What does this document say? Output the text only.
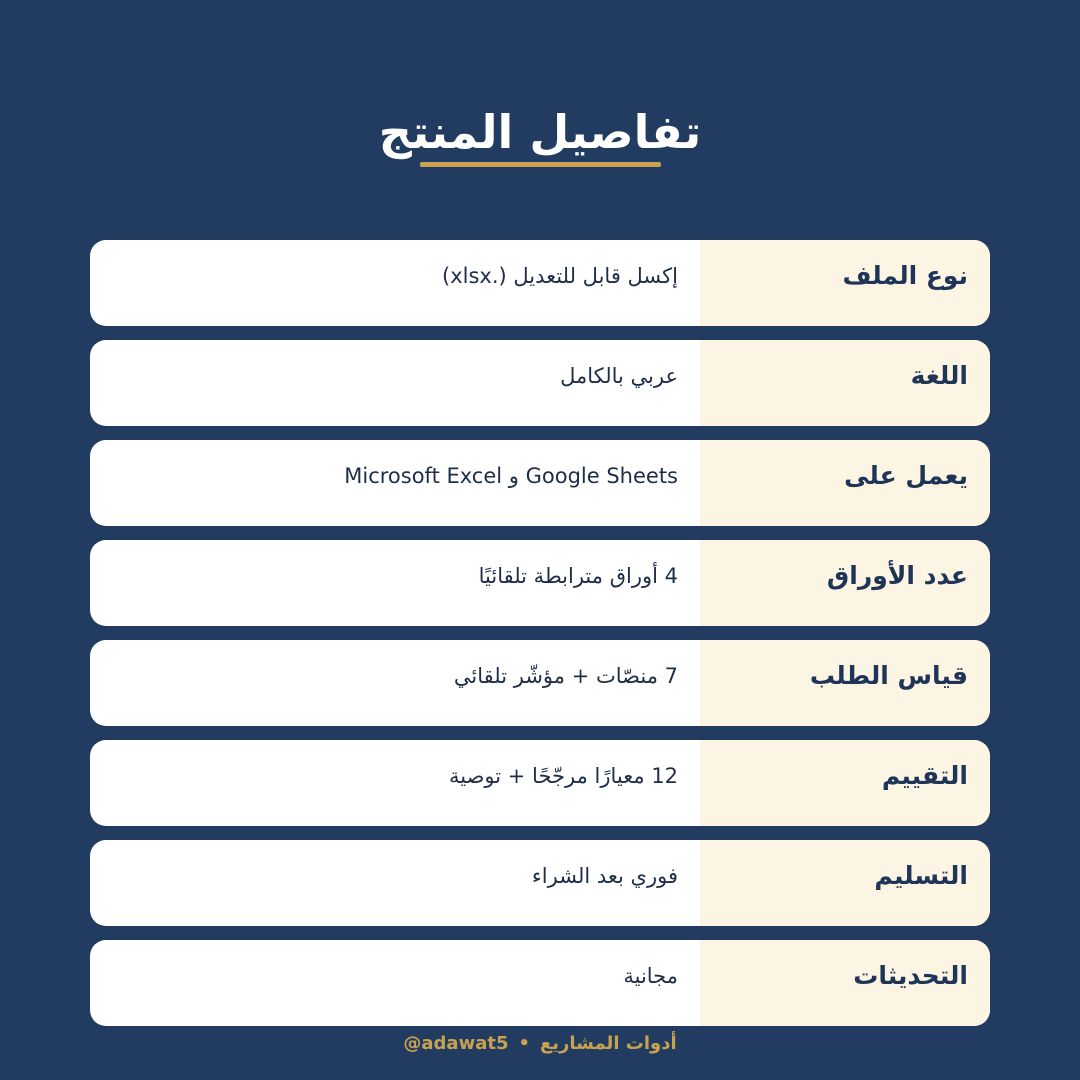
تفاصيل المنتج
نوع الملف
إكسل قابل للتعديل (.xlsx)
اللغة
عربي بالكامل
يعمل على
Google Sheets و Microsoft Excel
عدد الأوراق
4 أوراق مترابطة تلقائيًا
قياس الطلب
7 منصّات + مؤشّر تلقائي
التقييم
12 معيارًا مرجّحًا + توصية
التسليم
فوري بعد الشراء
التحديثات
مجانية
@adawat5 • أدوات المشاريع
